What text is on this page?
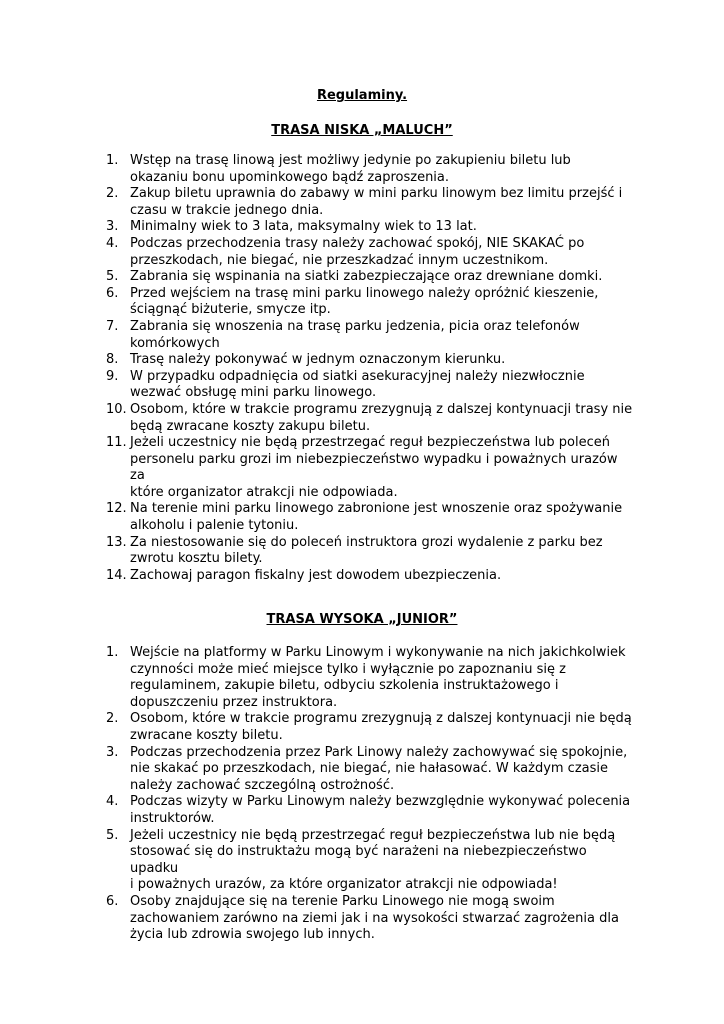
Regulaminy.
TRASA NISKA „MALUCH”
1. Wstęp na trasę linową jest możliwy jedynie po zakupieniu biletu lub
okazaniu bonu upominkowego bądź zaproszenia.
2. Zakup biletu uprawnia do zabawy w mini parku linowym bez limitu przejść i
czasu w trakcie jednego dnia.
3. Minimalny wiek to 3 lata, maksymalny wiek to 13 lat.
4. Podczas przechodzenia trasy należy zachować spokój, NIE SKAKAĆ po
przeszkodach, nie biegać, nie przeszkadzać innym uczestnikom.
5. Zabrania się wspinania na siatki zabezpieczające oraz drewniane domki.
6. Przed wejściem na trasę mini parku linowego należy opróżnić kieszenie,
ściągnąć biżuterie, smycze itp.
7. Zabrania się wnoszenia na trasę parku jedzenia, picia oraz telefonów
komórkowych
8. Trasę należy pokonywać w jednym oznaczonym kierunku.
9. W przypadku odpadnięcia od siatki asekuracyjnej należy niezwłocznie
wezwać obsługę mini parku linowego.
10. Osobom, które w trakcie programu zrezygnują z dalszej kontynuacji trasy nie
będą zwracane koszty zakupu biletu.
11. Jeżeli uczestnicy nie będą przestrzegać reguł bezpieczeństwa lub poleceń
personelu parku grozi im niebezpieczeństwo wypadku i poważnych urazów za
które organizator atrakcji nie odpowiada.
12. Na terenie mini parku linowego zabronione jest wnoszenie oraz spożywanie
alkoholu i palenie tytoniu.
13. Za niestosowanie się do poleceń instruktora grozi wydalenie z parku bez
zwrotu kosztu bilety.
14. Zachowaj paragon fiskalny jest dowodem ubezpieczenia.
TRASA WYSOKA „JUNIOR”
1. Wejście na platformy w Parku Linowym i wykonywanie na nich jakichkolwiek
czynności może mieć miejsce tylko i wyłącznie po zapoznaniu się z
regulaminem, zakupie biletu, odbyciu szkolenia instruktażowego i
dopuszczeniu przez instruktora.
2. Osobom, które w trakcie programu zrezygnują z dalszej kontynuacji nie będą
zwracane koszty biletu.
3. Podczas przechodzenia przez Park Linowy należy zachowywać się spokojnie,
nie skakać po przeszkodach, nie biegać, nie hałasować. W każdym czasie
należy zachować szczególną ostrożność.
4. Podczas wizyty w Parku Linowym należy bezwzględnie wykonywać polecenia
instruktorów.
5. Jeżeli uczestnicy nie będą przestrzegać reguł bezpieczeństwa lub nie będą
stosować się do instruktażu mogą być narażeni na niebezpieczeństwo upadku
i poważnych urazów, za które organizator atrakcji nie odpowiada!
6. Osoby znajdujące się na terenie Parku Linowego nie mogą swoim
zachowaniem zarówno na ziemi jak i na wysokości stwarzać zagrożenia dla
życia lub zdrowia swojego lub innych.
